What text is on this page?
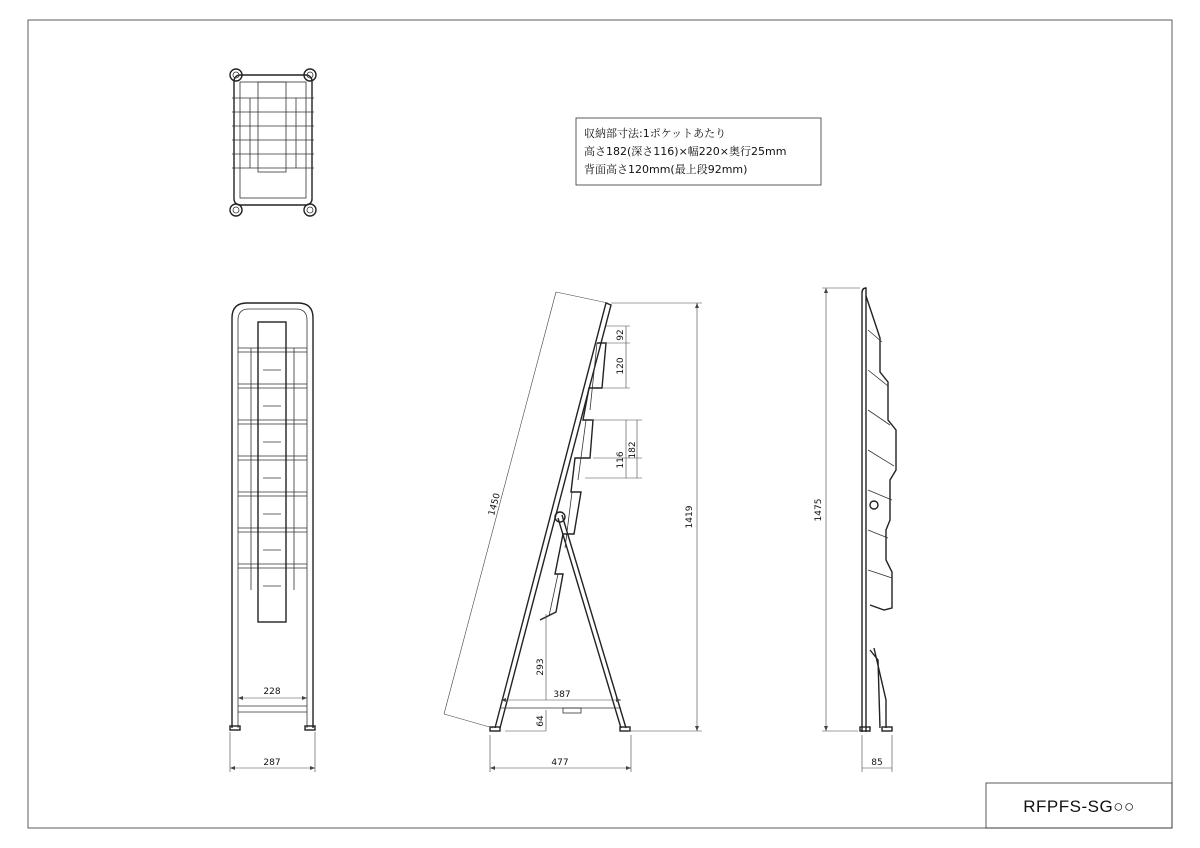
228
287
1450
1419
92
120
116
182
387
293
64
477
1475
85
収納部寸法:1ポケットあたり
高さ182(深さ116)×幅220×奥行25mm
背面高さ120mm(最上段92mm)
RFPFS-SG○○
